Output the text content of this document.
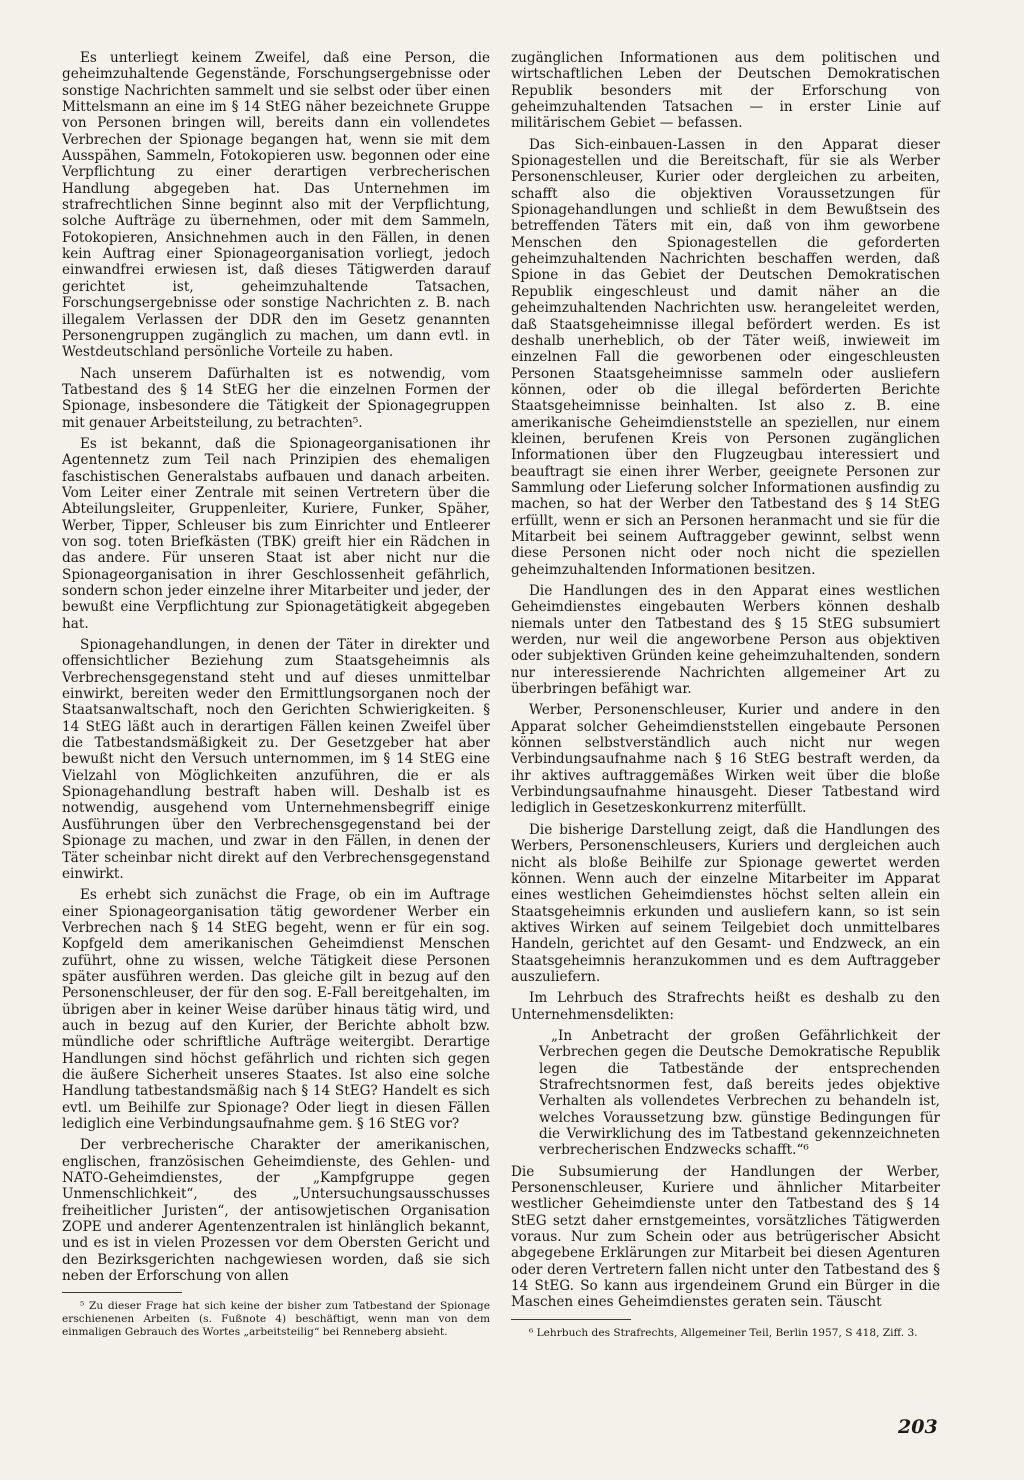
Es unterliegt keinem Zweifel, daß eine Person, die geheimzuhaltende Gegenstände, Forschungsergebnisse oder sonstige Nachrichten sammelt und sie selbst oder über einen Mittelsmann an eine im § 14 StEG näher bezeichnete Gruppe von Personen bringen will, bereits dann ein vollendetes Verbrechen der Spionage begangen hat, wenn sie mit dem Ausspähen, Sammeln, Fotokopieren usw. begonnen oder eine Verpflichtung zu einer derartigen verbrecherischen Handlung abgegeben hat. Das Unternehmen im strafrechtlichen Sinne beginnt also mit der Verpflichtung, solche Aufträge zu übernehmen, oder mit dem Sammeln, Fotokopieren, Ansichnehmen auch in den Fällen, in denen kein Auftrag einer Spionageorganisation vorliegt, jedoch einwandfrei erwiesen ist, daß dieses Tätigwerden darauf gerichtet ist, geheimzuhaltende Tatsachen, Forschungsergebnisse oder sonstige Nachrichten z. B. nach illegalem Verlassen der DDR den im Gesetz genannten Personengruppen zugänglich zu machen, um dann evtl. in Westdeutschland persönliche Vorteile zu haben.

Nach unserem Dafürhalten ist es notwendig, vom Tatbestand des § 14 StEG her die einzelnen Formen der Spionage, insbesondere die Tätigkeit der Spionagegruppen mit genauer Arbeitsteilung, zu betrachten⁵.

Es ist bekannt, daß die Spionageorganisationen ihr Agentennetz zum Teil nach Prinzipien des ehemaligen faschistischen Generalstabs aufbauen und danach arbeiten. Vom Leiter einer Zentrale mit seinen Vertretern über die Abteilungsleiter, Gruppenleiter, Kuriere, Funker, Späher, Werber, Tipper, Schleuser bis zum Einrichter und Entleerer von sog. toten Briefkästen (TBK) greift hier ein Rädchen in das andere. Für unseren Staat ist aber nicht nur die Spionageorganisation in ihrer Geschlossenheit gefährlich, sondern schon jeder einzelne ihrer Mitarbeiter und jeder, der bewußt eine Verpflichtung zur Spionagetätigkeit abgegeben hat.

Spionagehandlungen, in denen der Täter in direkter und offensichtlicher Beziehung zum Staatsgeheimnis als Verbrechensgegenstand steht und auf dieses unmittelbar einwirkt, bereiten weder den Ermittlungsorganen noch der Staatsanwaltschaft, noch den Gerichten Schwierigkeiten. § 14 StEG läßt auch in derartigen Fällen keinen Zweifel über die Tatbestandsmäßigkeit zu. Der Gesetzgeber hat aber bewußt nicht den Versuch unternommen, im § 14 StEG eine Vielzahl von Möglichkeiten anzuführen, die er als Spionagehandlung bestraft haben will. Deshalb ist es notwendig, ausgehend vom Unternehmensbegriff einige Ausführungen über den Verbrechensgegenstand bei der Spionage zu machen, und zwar in den Fällen, in denen der Täter scheinbar nicht direkt auf den Verbrechensgegenstand einwirkt.

Es erhebt sich zunächst die Frage, ob ein im Auftrage einer Spionageorganisation tätig gewordener Werber ein Verbrechen nach § 14 StEG begeht, wenn er für ein sog. Kopfgeld dem amerikanischen Geheimdienst Menschen zuführt, ohne zu wissen, welche Tätigkeit diese Personen später ausführen werden. Das gleiche gilt in bezug auf den Personenschleuser, der für den sog. E-Fall bereitgehalten, im übrigen aber in keiner Weise darüber hinaus tätig wird, und auch in bezug auf den Kurier, der Berichte abholt bzw. mündliche oder schriftliche Aufträge weitergibt. Derartige Handlungen sind höchst gefährlich und richten sich gegen die äußere Sicherheit unseres Staates. Ist also eine solche Handlung tatbestandsmäßig nach § 14 StEG? Handelt es sich evtl. um Beihilfe zur Spionage? Oder liegt in diesen Fällen lediglich eine Verbindungsaufnahme gem. § 16 StEG vor?

Der verbrecherische Charakter der amerikanischen, englischen, französischen Geheimdienste, des Gehlen- und NATO-Geheimdienstes, der „Kampfgruppe gegen Unmenschlichkeit“, des „Untersuchungsausschusses freiheitlicher Juristen“, der antisowjetischen Organisation ZOPE und anderer Agentenzentralen ist hinlänglich bekannt, und es ist in vielen Prozessen vor dem Obersten Gericht und den Bezirksgerichten nachgewiesen worden, daß sie sich neben der Erforschung von allen

⁵ Zu dieser Frage hat sich keine der bisher zum Tatbestand der Spionage erschienenen Arbeiten (s. Fußnote 4) beschäftigt, wenn man von dem einmaligen Gebrauch des Wortes „arbeitsteilig“ bei Renneberg absieht.

zugänglichen Informationen aus dem politischen und wirtschaftlichen Leben der Deutschen Demokratischen Republik besonders mit der Erforschung von geheimzuhaltenden Tatsachen — in erster Linie auf militärischem Gebiet — befassen.

Das Sich-einbauen-Lassen in den Apparat dieser Spionagestellen und die Bereitschaft, für sie als Werber Personenschleuser, Kurier oder dergleichen zu arbeiten, schafft also die objektiven Voraussetzungen für Spionagehandlungen und schließt in dem Bewußtsein des betreffenden Täters mit ein, daß von ihm geworbene Menschen den Spionagestellen die geforderten geheimzuhaltenden Nachrichten beschaffen werden, daß Spione in das Gebiet der Deutschen Demokratischen Republik eingeschleust und damit näher an die geheimzuhaltenden Nachrichten usw. herangeleitet werden, daß Staatsgeheimnisse illegal befördert werden. Es ist deshalb unerheblich, ob der Täter weiß, inwieweit im einzelnen Fall die geworbenen oder eingeschleusten Personen Staatsgeheimnisse sammeln oder ausliefern können, oder ob die illegal beförderten Berichte Staatsgeheimnisse beinhalten. Ist also z. B. eine amerikanische Geheimdienststelle an speziellen, nur einem kleinen, berufenen Kreis von Personen zugänglichen Informationen über den Flugzeugbau interessiert und beauftragt sie einen ihrer Werber, geeignete Personen zur Sammlung oder Lieferung solcher Informationen ausfindig zu machen, so hat der Werber den Tatbestand des § 14 StEG erfüllt, wenn er sich an Personen heranmacht und sie für die Mitarbeit bei seinem Auftraggeber gewinnt, selbst wenn diese Personen nicht oder noch nicht die speziellen geheimzuhaltenden Informationen besitzen.

Die Handlungen des in den Apparat eines westlichen Geheimdienstes eingebauten Werbers können deshalb niemals unter den Tatbestand des § 15 StEG subsumiert werden, nur weil die angeworbene Person aus objektiven oder subjektiven Gründen keine geheimzuhaltenden, sondern nur interessierende Nachrichten allgemeiner Art zu überbringen befähigt war.

Werber, Personenschleuser, Kurier und andere in den Apparat solcher Geheimdienststellen eingebaute Personen können selbstverständlich auch nicht nur wegen Verbindungsaufnahme nach § 16 StEG bestraft werden, da ihr aktives auftraggemäßes Wirken weit über die bloße Verbindungsaufnahme hinausgeht. Dieser Tatbestand wird lediglich in Gesetzeskonkurrenz miterfüllt.

Die bisherige Darstellung zeigt, daß die Handlungen des Werbers, Personenschleusers, Kuriers und dergleichen auch nicht als bloße Beihilfe zur Spionage gewertet werden können. Wenn auch der einzelne Mitarbeiter im Apparat eines westlichen Geheimdienstes höchst selten allein ein Staatsgeheimnis erkunden und ausliefern kann, so ist sein aktives Wirken auf seinem Teilgebiet doch unmittelbares Handeln, gerichtet auf den Gesamt- und Endzweck, an ein Staatsgeheimnis heranzukommen und es dem Auftraggeber auszuliefern.

Im Lehrbuch des Strafrechts heißt es deshalb zu den Unternehmensdelikten:

„In Anbetracht der großen Gefährlichkeit der Verbrechen gegen die Deutsche Demokratische Republik legen die Tatbestände der entsprechenden Strafrechtsnormen fest, daß bereits jedes objektive Verhalten als vollendetes Verbrechen zu behandeln ist, welches Voraussetzung bzw. günstige Bedingungen für die Verwirklichung des im Tatbestand gekennzeichneten verbrecherischen Endzwecks schafft.“⁶

Die Subsumierung der Handlungen der Werber, Personenschleuser, Kuriere und ähnlicher Mitarbeiter westlicher Geheimdienste unter den Tatbestand des § 14 StEG setzt daher ernstgemeintes, vorsätzliches Tätigwerden voraus. Nur zum Schein oder aus betrügerischer Absicht abgegebene Erklärungen zur Mitarbeit bei diesen Agenturen oder deren Vertretern fallen nicht unter den Tatbestand des § 14 StEG. So kann aus irgendeinem Grund ein Bürger in die Maschen eines Geheimdienstes geraten sein. Täuscht

⁶ Lehrbuch des Strafrechts, Allgemeiner Teil, Berlin 1957, S 418, Ziff. 3.

203
